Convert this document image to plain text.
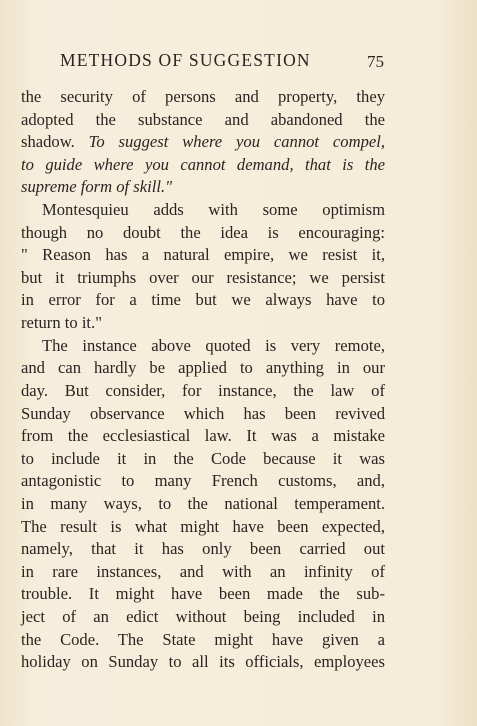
METHODS OF SUGGESTION	75
the security of persons and property, they
adopted the substance and abandoned the
shadow. To suggest where you cannot compel,
to guide where you cannot demand, that is the
supreme form of skill."
Montesquieu adds with some optimism
though no doubt the idea is encouraging:
" Reason has a natural empire, we resist it,
but it triumphs over our resistance; we persist
in error for a time but we always have to
return to it."
The instance above quoted is very remote,
and can hardly be applied to anything in our
day. But consider, for instance, the law of
Sunday observance which has been revived
from the ecclesiastical law. It was a mistake
to include it in the Code because it was
antagonistic to many French customs, and,
in many ways, to the national temperament.
The result is what might have been expected,
namely, that it has only been carried out
in rare instances, and with an infinity of
trouble. It might have been made the sub-
ject of an edict without being included in
the Code. The State might have given a
holiday on Sunday to all its officials, employees
